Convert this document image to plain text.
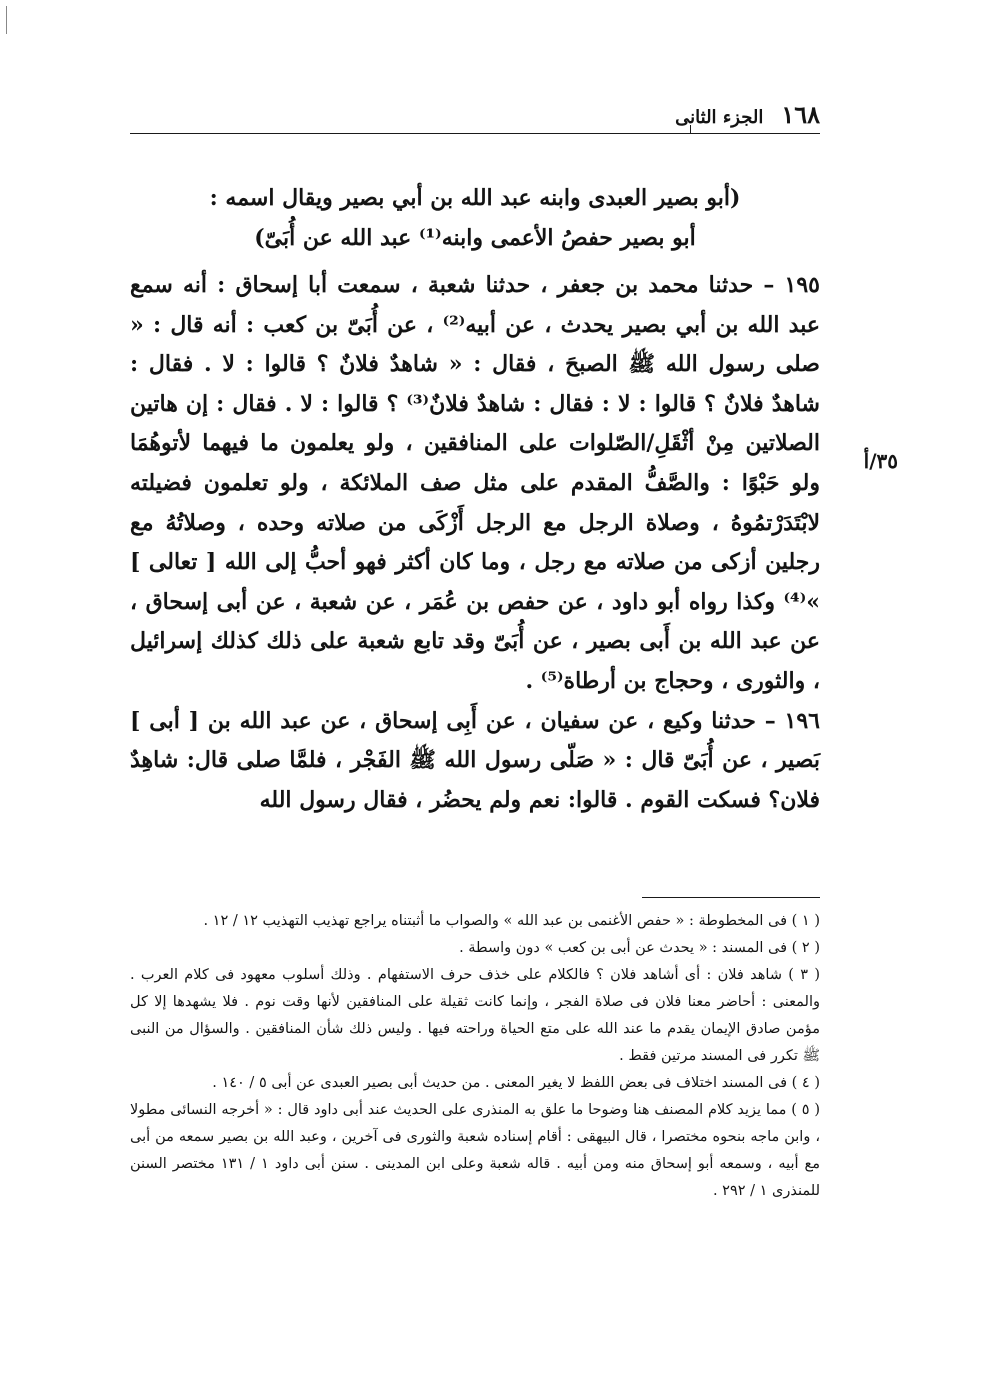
١٦٨
الجزء الثانى
(أبو بصير العبدى وابنه عبد الله بن أبي بصير ويقال اسمه :
أبو بصير حفصُ الأعمى وابنه⁽¹⁾ عبد الله عن أُبَىّ)

١٩٥ – حدثنا محمد بن جعفر ، حدثنا شعبة ، سمعت أبا إسحاق : أنه سمع عبد الله بن أبي بصير يحدث ، عن أبيه⁽²⁾ ، عن أُبَىّ بن كعب : أنه قال : « صلى رسول الله ﷺ الصبحَ ، فقال : « شاهدٌ فلانٌ ؟ قالوا : لا . فقال : شاهدٌ فلانٌ ؟ قالوا : لا : فقال : شاهدٌ فلانٌ⁽³⁾ ؟ قالوا : لا . فقال : إن هاتين الصلاتين مِنْ أثْقَلِ/الصّلوات على المنافقين ، ولو يعلمون ما فيهما لأتوهُمَا ولو حَبْوًا : والصَّفُّ المقدم على مثل صف الملائكة ، ولو تعلمون فضيلته لابْتَدَرْتمُوهُ ، وصلاة الرجل مع الرجل أَزْكَى من صلاته وحده ، وصلاتُهُ مع رجلين أزكى من صلاته مع رجل ، وما كان أكثر فهو أحبُّ إلى الله [ تعالى ] »⁽⁴⁾ وكذا رواه أبو داود ، عن حفص بن عُمَر ، عن شعبة ، عن أبى إسحاق ، عن عبد الله بن أَبى بصير ، عن أُبَىّ وقد تابع شعبة على ذلك كذلك إسرائيل ، والثورى ، وحجاج بن أرطاة⁽⁵⁾ .

١٩٦ – حدثنا وكيع ، عن سفيان ، عن أَبِى إسحاق ، عن عبد الله بن [ أبى ] بَصير ، عن أُبَىّ قال : « صَلّى رسول الله ﷺ الفَجْر ، فلمَّا صلى قال: شاهِدٌ فلان؟ فسكت القوم . قالوا: نعم ولم يحضُر ، فقال رسول الله

٣٥/أ

( ١ ) فى المخطوطة : « حفص الأغنمى بن عبد الله » والصواب ما أثبتناه يراجع تهذيب التهذيب ١٢ / ١٢ .

( ٢ ) فى المسند : « يحدث عن أبى بن كعب » دون واسطة .

( ٣ ) شاهد فلان : أى أشاهد فلان ؟ فالكلام على خذف حرف الاستفهام . وذلك أسلوب معهود فى كلام العرب . والمعنى : أحاضر معنا فلان فى صلاة الفجر ، وإنما كانت ثقيلة على المنافقين لأنها وقت نوم . فلا يشهدها إلا كل مؤمن صادق الإيمان يقدم ما عند الله على متع الحياة وراحته فيها . وليس ذلك شأن المنافقين . والسؤال من النبى ﷺ تكرر فى المسند مرتين فقط .

( ٤ ) فى المسند اختلاف فى بعض اللفظ لا يغير المعنى . من حديث أبى بصير العبدى عن أبى ٥ / ١٤٠ .

( ٥ ) مما يزيد كلام المصنف هنا وضوحا ما علق به المنذرى على الحديث عند أبى داود قال : « أخرجه النسائى مطولا ، وابن ماجه بنحوه مختصرا ، قال البيهقى : أقام إسناده شعبة والثورى فى آخرين ، وعبد الله بن بصير سمعه من أبى مع أبيه ، وسمعه أبو إسحاق منه ومن أبيه . قاله شعبة وعلى ابن المدينى . سنن أبى داود ١ / ١٣١ مختصر السنن للمنذرى ١ / ٢٩٢ .
